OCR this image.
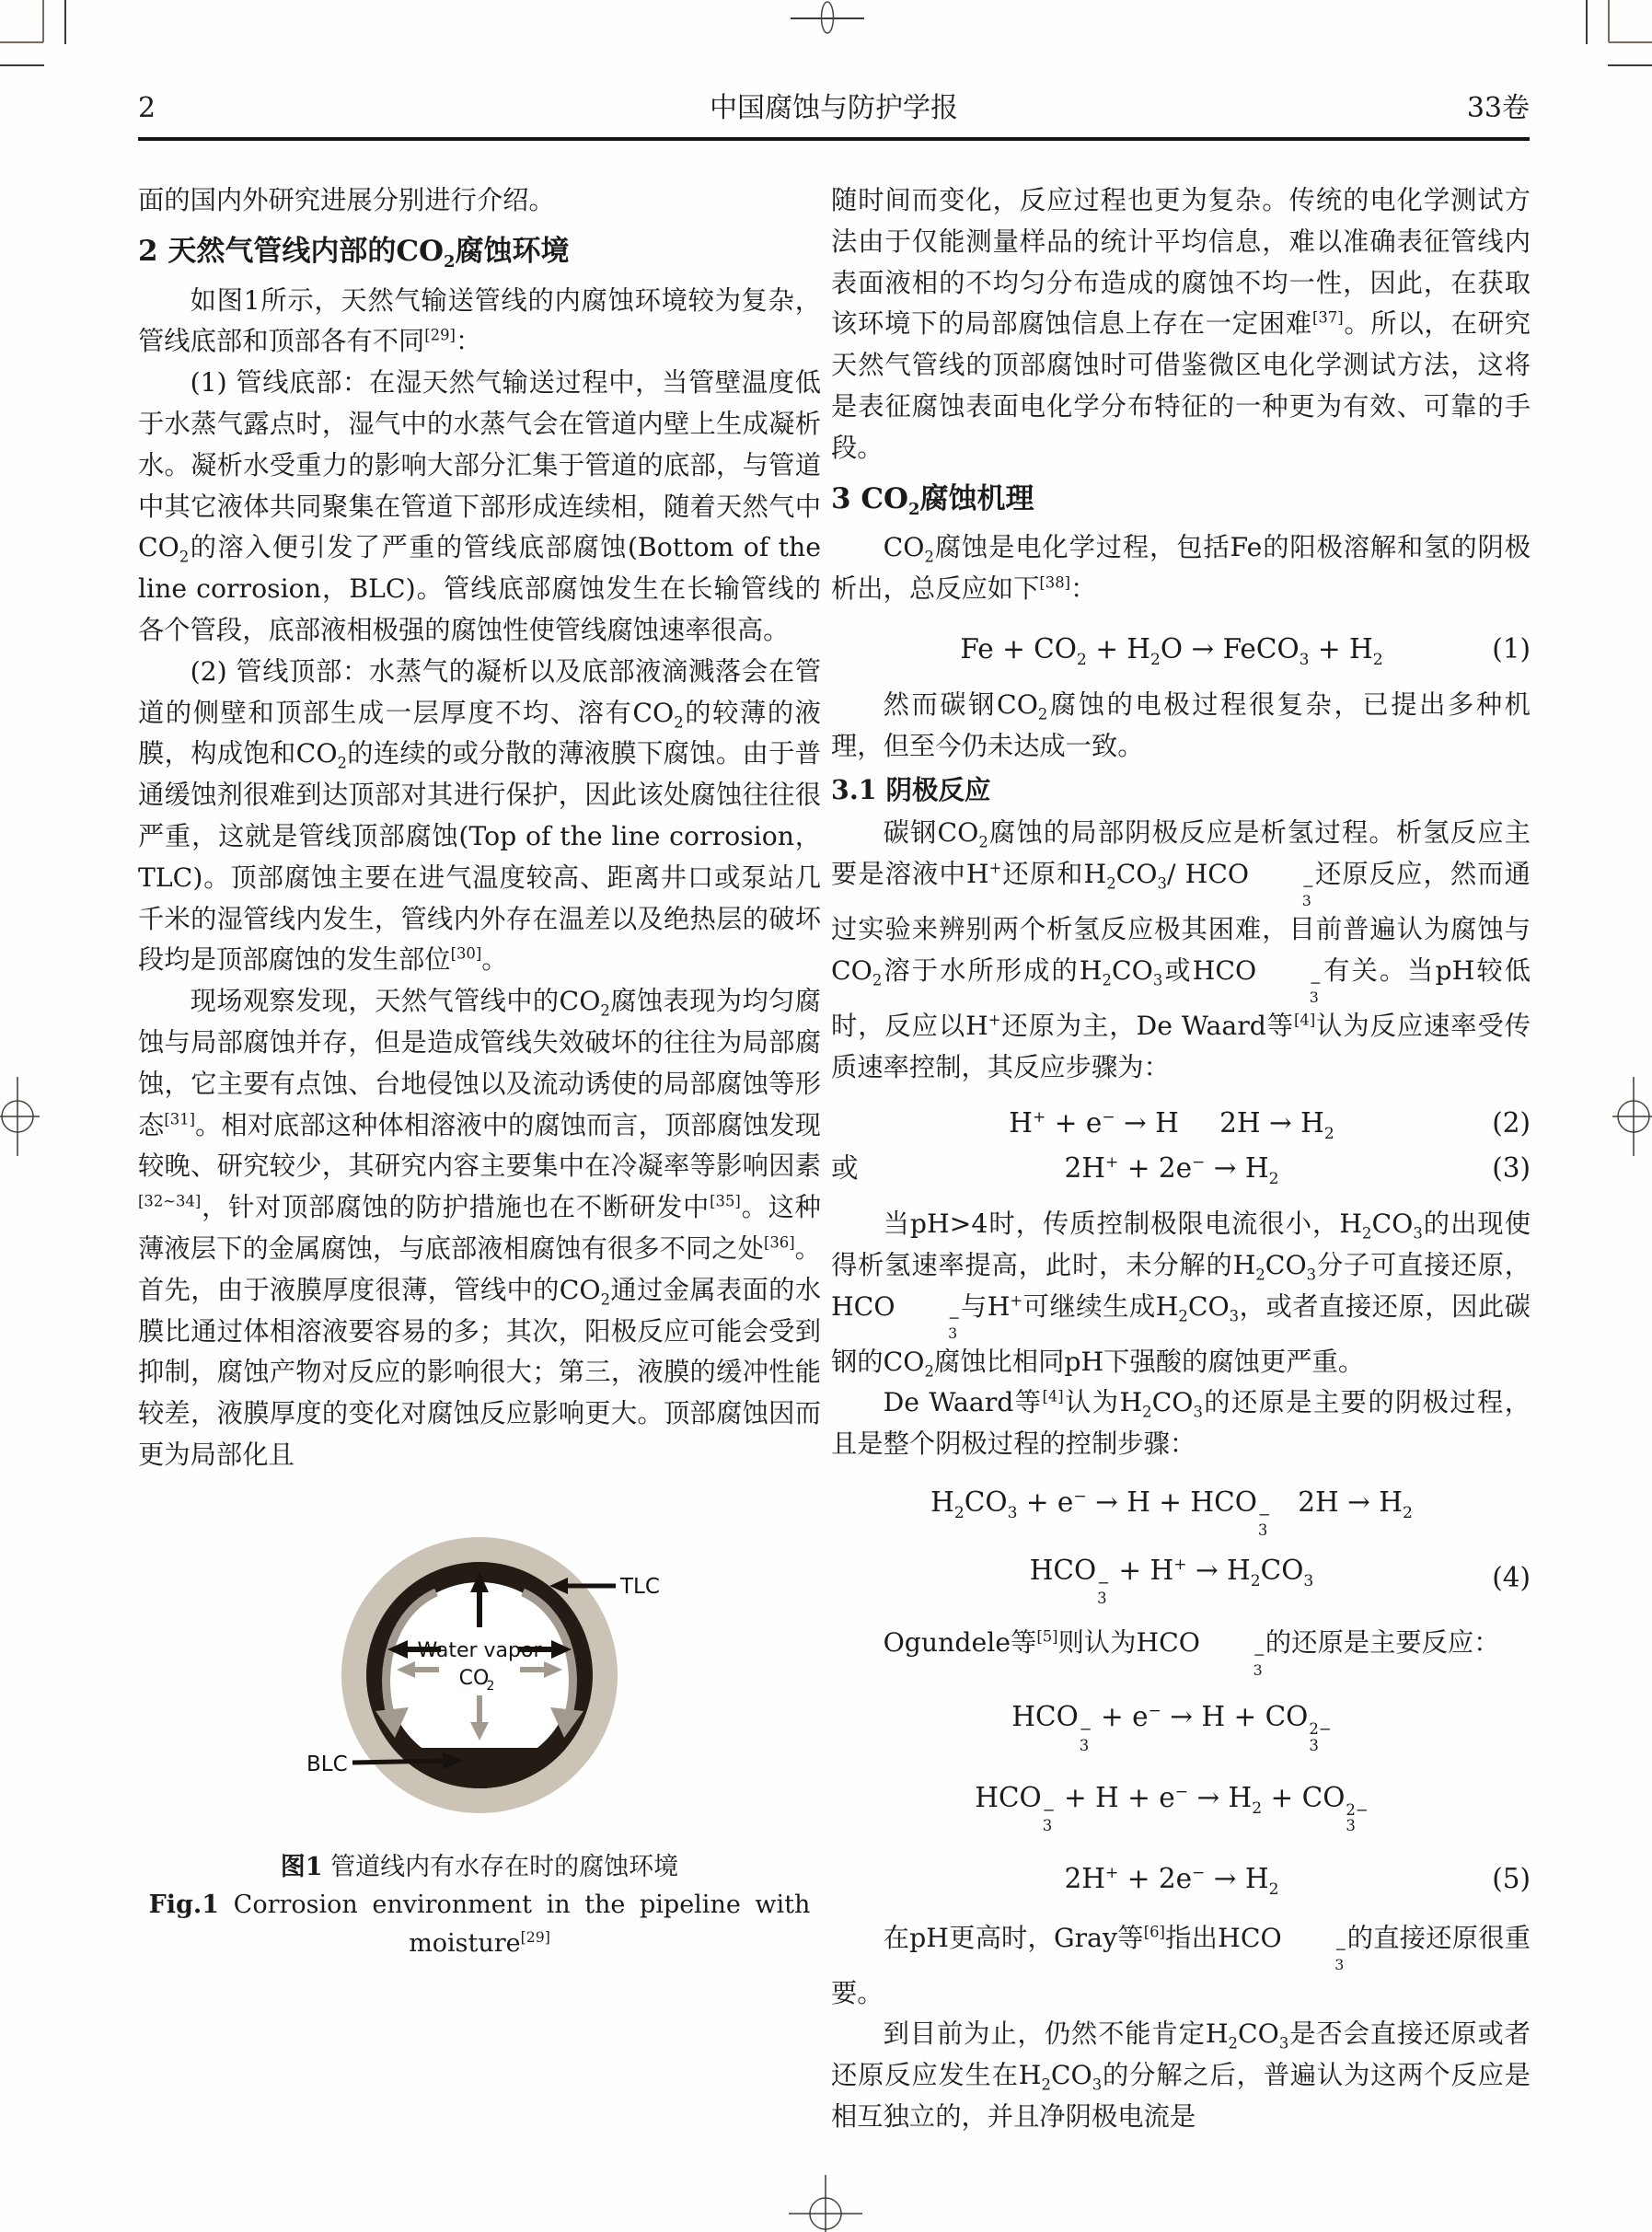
2	中国腐蚀与防护学报	33卷

面的国内外研究进展分别进行介绍。

2 天然气管线内部的$CO_2$腐蚀环境

如图1所示，天然气输送管线的内腐蚀环境较为复杂，管线底部和顶部各有不同[29]：

(1) 管线底部：在湿天然气输送过程中，当管壁温度低于水蒸气露点时，湿气中的水蒸气会在管道内壁上生成凝析水。凝析水受重力的影响大部分汇集于管道的底部，与管道中其它液体共同聚集在管道下部形成连续相，随着天然气中$CO_2$的溶入便引发了严重的管线底部腐蚀(Bottom of the line corrosion，BLC)。管线底部腐蚀发生在长输管线的各个管段，底部液相极强的腐蚀性使管线腐蚀速率很高。

(2) 管线顶部：水蒸气的凝析以及底部液滴溅落会在管道的侧壁和顶部生成一层厚度不均、溶有$CO_2$的较薄的液膜，构成饱和$CO_2$的连续的或分散的薄液膜下腐蚀。由于普通缓蚀剂很难到达顶部对其进行保护，因此该处腐蚀往往很严重，这就是管线顶部腐蚀(Top of the line corrosion，TLC)。顶部腐蚀主要在进气温度较高、距离井口或泵站几千米的湿管线内发生，管线内外存在温差以及绝热层的破坏段均是顶部腐蚀的发生部位[30]。

现场观察发现，天然气管线中的$CO_2$腐蚀表现为均匀腐蚀与局部腐蚀并存，但是造成管线失效破坏的往往为局部腐蚀，它主要有点蚀、台地侵蚀以及流动诱使的局部腐蚀等形态[31]。相对底部这种体相溶液中的腐蚀而言，顶部腐蚀发现较晚、研究较少，其研究内容主要集中在冷凝率等影响因素[32~34]，针对顶部腐蚀的防护措施也在不断研发中[35]。这种薄液层下的金属腐蚀，与底部液相腐蚀有很多不同之处[36]。首先，由于液膜厚度很薄，管线中的$CO_2$通过金属表面的水膜比通过体相溶液要容易的多；其次，阳极反应可能会受到抑制，腐蚀产物对反应的影响很大；第三，液膜的缓冲性能较差，液膜厚度的变化对腐蚀反应影响更大。顶部腐蚀因而更为局部化且

Water vapor
CO
2
TLC
BLC
图1 管道线内有水存在时的腐蚀环境
Fig.1 Corrosion environment in the pipeline with
moisture[29]

随时间而变化，反应过程也更为复杂。传统的电化学测试方法由于仅能测量样品的统计平均信息，难以准确表征管线内表面液相的不均匀分布造成的腐蚀不均一性，因此，在获取该环境下的局部腐蚀信息上存在一定困难[37]。所以，在研究天然气管线的顶部腐蚀时可借鉴微区电化学测试方法，这将是表征腐蚀表面电化学分布特征的一种更为有效、可靠的手段。

3 $CO_2$腐蚀机理

$CO_2$腐蚀是电化学过程，包括Fe的阳极溶解和氢的阴极析出，总反应如下[38]：

$Fe + CO_2 + H_2O$ → FeCO$_3$ + $H_2$	(1)

然而碳钢$CO_2$腐蚀的电极过程很复杂，已提出多种机理，但至今仍未达成一致。

3.1 阴极反应

碳钢$CO_2$腐蚀的局部阴极反应是析氢过程。析氢反应主要是溶液中H+还原和$H_2CO_3/$ HCO	−
3
还原反应，然而通过实验来辨别两个析氢反应极其困难，目前普遍认为腐蚀与$CO_2$溶于水所形成的$H_2CO_3$或HCO	−
3
有关。当pH较低时，反应以H+还原为主，De Waard等[4]认为反应速率受传质速率控制，其反应步骤为：

H+ + e− → H   $2H \to H_2$	(2)
或	$2H^+ + 2e^- \to H_2$	(3)

当pH>4时，传质控制极限电流很小，$H_2CO_3$的出现使得析氢速率提高，此时，未分解的$H_2CO_3$分子可直接还原，HCO	−
3
与H+可继续生成$H_2CO_3$，或者直接还原，因此碳钢的$CO_2$腐蚀比相同pH下强酸的腐蚀更严重。

De Waard等[4]认为$H_2CO_3$的还原是主要的阴极过程，且是整个阴极过程的控制步骤：

$H_2CO_3 + e^- \to H$ + HCO −
3
 $2H \to H_2$
HCO −
3
+ $H^+ \to H_2CO_3$	(4)

Ogundele等[5]则认为HCO	−
3
的还原是主要反应：

HCO −
3
+ e− → H + CO 2−
3
HCO −
3
+ $H + e^- \to H_2$ + CO 2−
3
$2H^+ + 2e^- \to H_2$	(5)

在pH更高时，Gray等[6]指出HCO	−
3
的直接还原很重要。

到目前为止，仍然不能肯定$H_2CO_3$是否会直接还原或者还原反应发生在$H_2CO_3$的分解之后，普遍认为这两个反应是相互独立的，并且净阴极电流是
